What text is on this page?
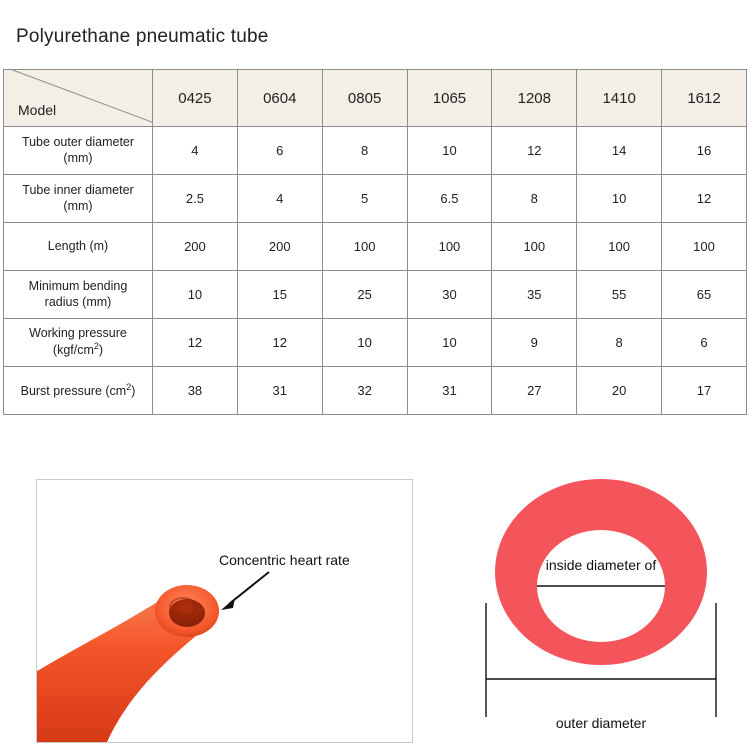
Polyurethane pneumatic tube
Model	0425	0604	0805	1065	1208	1410	1612

Tube outer diameter
(mm)	4	6	8	10	12	14	16

Tube inner diameter
(mm)	2.5	4	5	6.5	8	10	12

Length (m)	200	200	100	100	100	100	100

Minimum bending
radius (mm)	10	15	25	30	35	55	65

Working pressure
$(kgf/cm^2)$	12	12	10	10	9	8	6

Burst pressure $(cm^2)$	38	31	32	31	27	20	17
Concentric heart rate	inside diameter of
outer diameter
